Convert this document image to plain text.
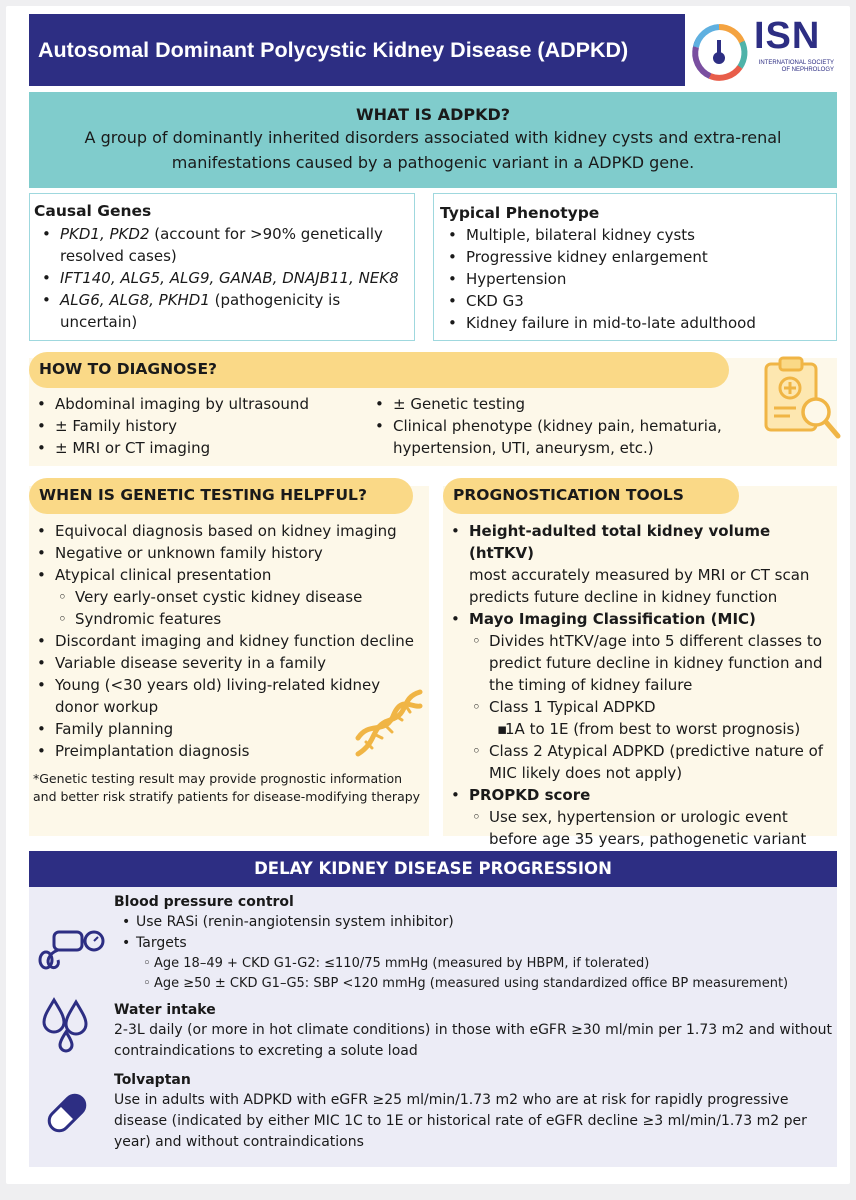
Autosomal Dominant Polycystic Kidney Disease (ADPKD)	ISN
INTERNATIONAL SOCIETY OF NEPHROLOGY
WHAT IS ADPKD?

A group of dominantly inherited disorders associated with kidney cysts and extra-renal manifestations caused by a pathogenic variant in a ADPKD gene.

Causal Genes
• PKD1, PKD2 (account for >90% genetically resolved cases)
• IFT140, ALG5, ALG9, GANAB, DNAJB11, NEK8
• ALG6, ALG8, PKHD1 (pathogenicity is uncertain)
Typical Phenotype
• Multiple, bilateral kidney cysts
• Progressive kidney enlargement
• Hypertension
• CKD G3
• Kidney failure in mid-to-late adulthood
HOW TO DIAGNOSE?
• Abdominal imaging by ultrasound
• ± Family history
• ± MRI or CT imaging
• ± Genetic testing
• Clinical phenotype (kidney pain, hematuria, hypertension, UTI, aneurysm, etc.)
WHEN IS GENETIC TESTING HELPFUL?
• Equivocal diagnosis based on kidney imaging
• Negative or unknown family history
• Atypical clinical presentation
◦ Very early-onset cystic kidney disease
◦ Syndromic features
• Discordant imaging and kidney function decline
• Variable disease severity in a family
• Young (<30 years old) living-related kidney donor workup
• Family planning
• Preimplantation diagnosis

*Genetic testing result may provide prognostic information and better risk stratify patients for disease-modifying therapy

PROGNOSTICATION TOOLS
• Height-adulted total kidney volume (htTKV)
most accurately measured by MRI or CT scan predicts future decline in kidney function
• Mayo Imaging Classification (MIC)
◦ Divides htTKV/age into 5 different classes to predict future decline in kidney function and the timing of kidney failure
◦ Class 1 Typical ADPKD
▪ 1A to 1E (from best to worst prognosis)
◦ Class 2 Atypical ADPKD (predictive nature of MIC likely does not apply)
• PROPKD score
◦ Use sex, hypertension or urologic event before age 35 years, pathogenetic variant
DELAY KIDNEY DISEASE PROGRESSION
Blood pressure control
• Use RASi (renin-angiotensin system inhibitor)
• Targets
◦ Age 18–49 + CKD G1-G2: ≤110/75 mmHg (measured by HBPM, if tolerated)
◦ Age ≥50 ± CKD G1–G5: SBP <120 mmHg (measured using standardized office BP measurement)
Water intake

2-3L daily (or more in hot climate conditions) in those with eGFR ≥30 ml/min per 1.73 m2 and without contraindications to excreting a solute load

Tolvaptan

Use in adults with ADPKD with eGFR ≥25 ml/min/1.73 m2 who are at risk for rapidly progressive disease (indicated by either MIC 1C to 1E or historical rate of eGFR decline ≥3 ml/min/1.73 m2 per year) and without contraindications
